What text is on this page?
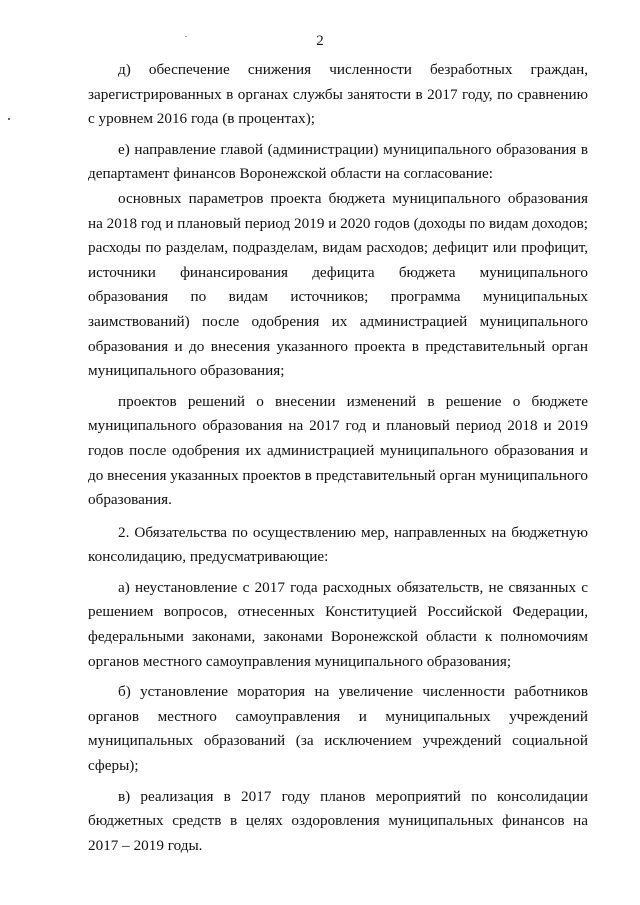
2

д) обеспечение снижения численности безработных граждан, зарегистрированных в органах службы занятости в 2017 году, по сравнению с уровнем 2016 года (в процентах);

е) направление главой (администрации) муниципального образования в департамент финансов Воронежской области на согласование:

основных параметров проекта бюджета муниципального образования на 2018 год и плановый период 2019 и 2020 годов (доходы по видам доходов; расходы по разделам, подразделам, видам расходов; дефицит или профицит, источники финансирования дефицита бюджета муниципального образования по видам источников; программа муниципальных заимствований) после одобрения их администрацией муниципального образования и до внесения указанного проекта в представительный орган муниципального образования;

проектов решений о внесении изменений в решение о бюджете муниципального образования на 2017 год и плановый период 2018 и 2019 годов после одобрения их администрацией муниципального образования и до внесения указанных проектов в представительный орган муниципального образования.

2. Обязательства по осуществлению мер, направленных на бюджетную консолидацию, предусматривающие:

а) неустановление с 2017 года расходных обязательств, не связанных с решением вопросов, отнесенных Конституцией Российской Федерации, федеральными законами, законами Воронежской области к полномочиям органов местного самоуправления муниципального образования;

б) установление моратория на увеличение численности работников органов местного самоуправления и муниципальных учреждений муниципальных образований (за исключением учреждений социальной сферы);

в) реализация в 2017 году планов мероприятий по консолидации бюджетных средств в целях оздоровления муниципальных финансов на 2017 – 2019 годы.
